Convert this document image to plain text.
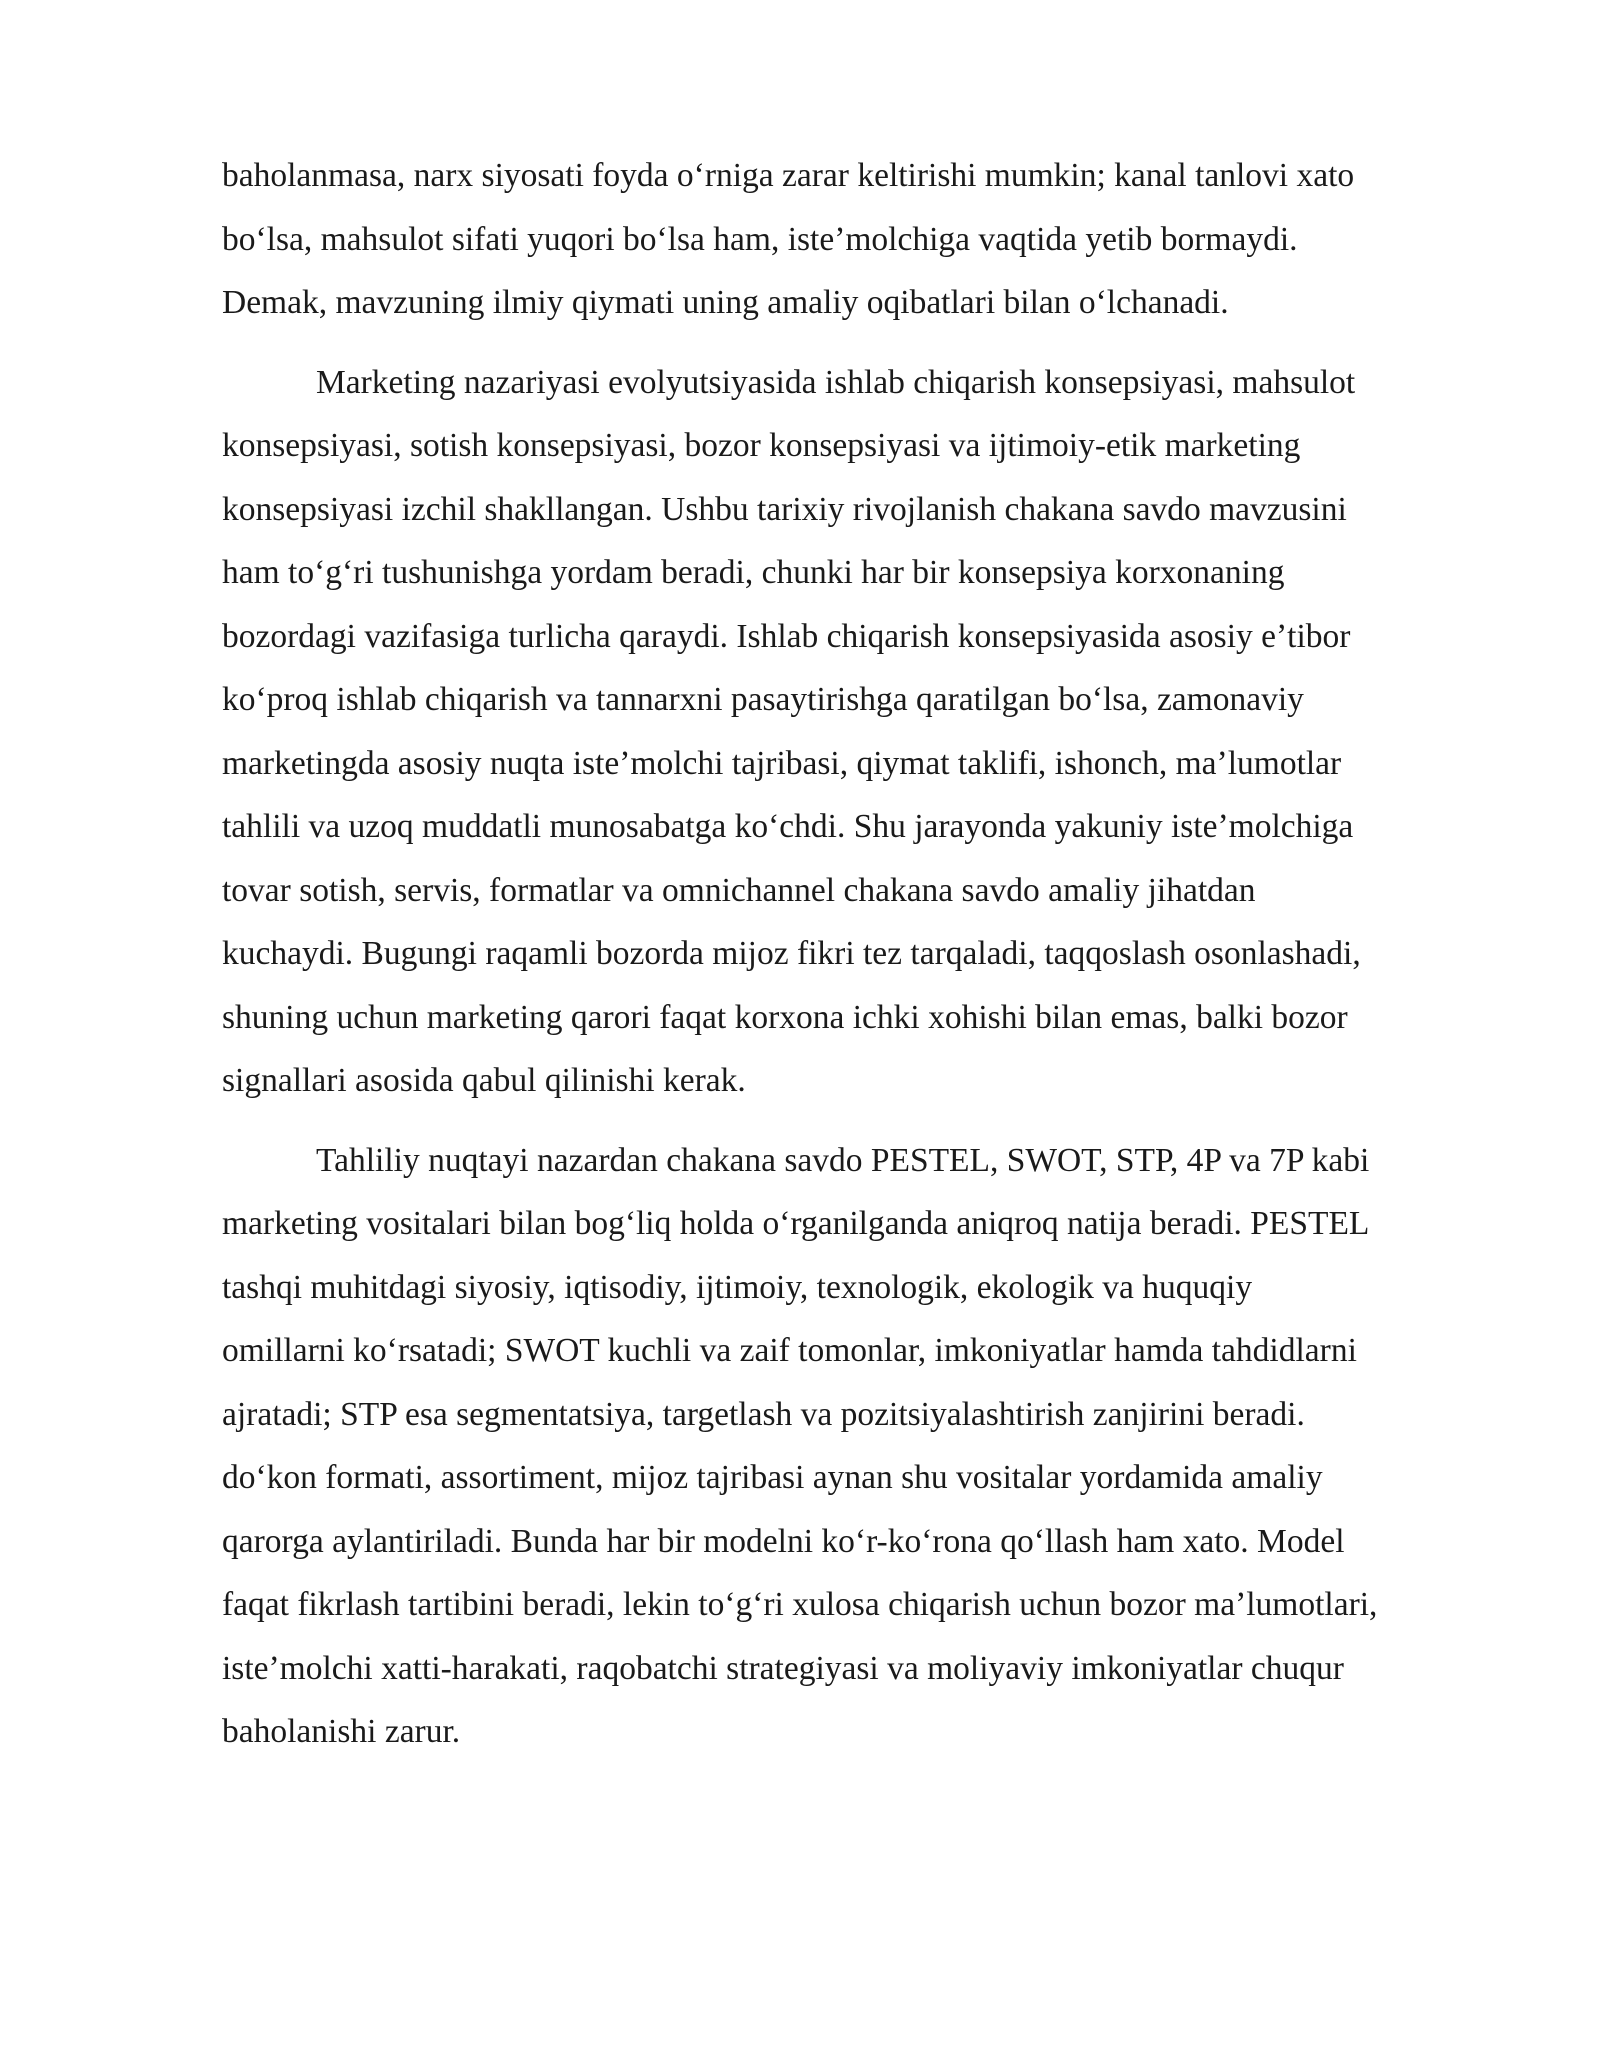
baholanmasa, narx siyosati foyda oʻrniga zarar keltirishi mumkin; kanal tanlovi xato
boʻlsa, mahsulot sifati yuqori boʻlsa ham, isteʼmolchiga vaqtida yetib bormaydi.
Demak, mavzuning ilmiy qiymati uning amaliy oqibatlari bilan oʻlchanadi.

Marketing nazariyasi evolyutsiyasida ishlab chiqarish konsepsiyasi, mahsulot
konsepsiyasi, sotish konsepsiyasi, bozor konsepsiyasi va ijtimoiy-etik marketing
konsepsiyasi izchil shakllangan. Ushbu tarixiy rivojlanish chakana savdo mavzusini
ham toʻgʻri tushunishga yordam beradi, chunki har bir konsepsiya korxonaning
bozordagi vazifasiga turlicha qaraydi. Ishlab chiqarish konsepsiyasida asosiy eʼtibor
koʻproq ishlab chiqarish va tannarxni pasaytirishga qaratilgan boʻlsa, zamonaviy
marketingda asosiy nuqta isteʼmolchi tajribasi, qiymat taklifi, ishonch, maʼlumotlar
tahlili va uzoq muddatli munosabatga koʻchdi. Shu jarayonda yakuniy isteʼmolchiga
tovar sotish, servis, formatlar va omnichannel chakana savdo amaliy jihatdan
kuchaydi. Bugungi raqamli bozorda mijoz fikri tez tarqaladi, taqqoslash osonlashadi,
shuning uchun marketing qarori faqat korxona ichki xohishi bilan emas, balki bozor
signallari asosida qabul qilinishi kerak.

Tahliliy nuqtayi nazardan chakana savdo PESTEL, SWOT, STP, 4P va 7P kabi
marketing vositalari bilan bogʻliq holda oʻrganilganda aniqroq natija beradi. PESTEL
tashqi muhitdagi siyosiy, iqtisodiy, ijtimoiy, texnologik, ekologik va huquqiy
omillarni koʻrsatadi; SWOT kuchli va zaif tomonlar, imkoniyatlar hamda tahdidlarni
ajratadi; STP esa segmentatsiya, targetlash va pozitsiyalashtirish zanjirini beradi.
doʻkon formati, assortiment, mijoz tajribasi aynan shu vositalar yordamida amaliy
qarorga aylantiriladi. Bunda har bir modelni koʻr-koʻrona qoʻllash ham xato. Model
faqat fikrlash tartibini beradi, lekin toʻgʻri xulosa chiqarish uchun bozor maʼlumotlari,
isteʼmolchi xatti-harakati, raqobatchi strategiyasi va moliyaviy imkoniyatlar chuqur
baholanishi zarur.
